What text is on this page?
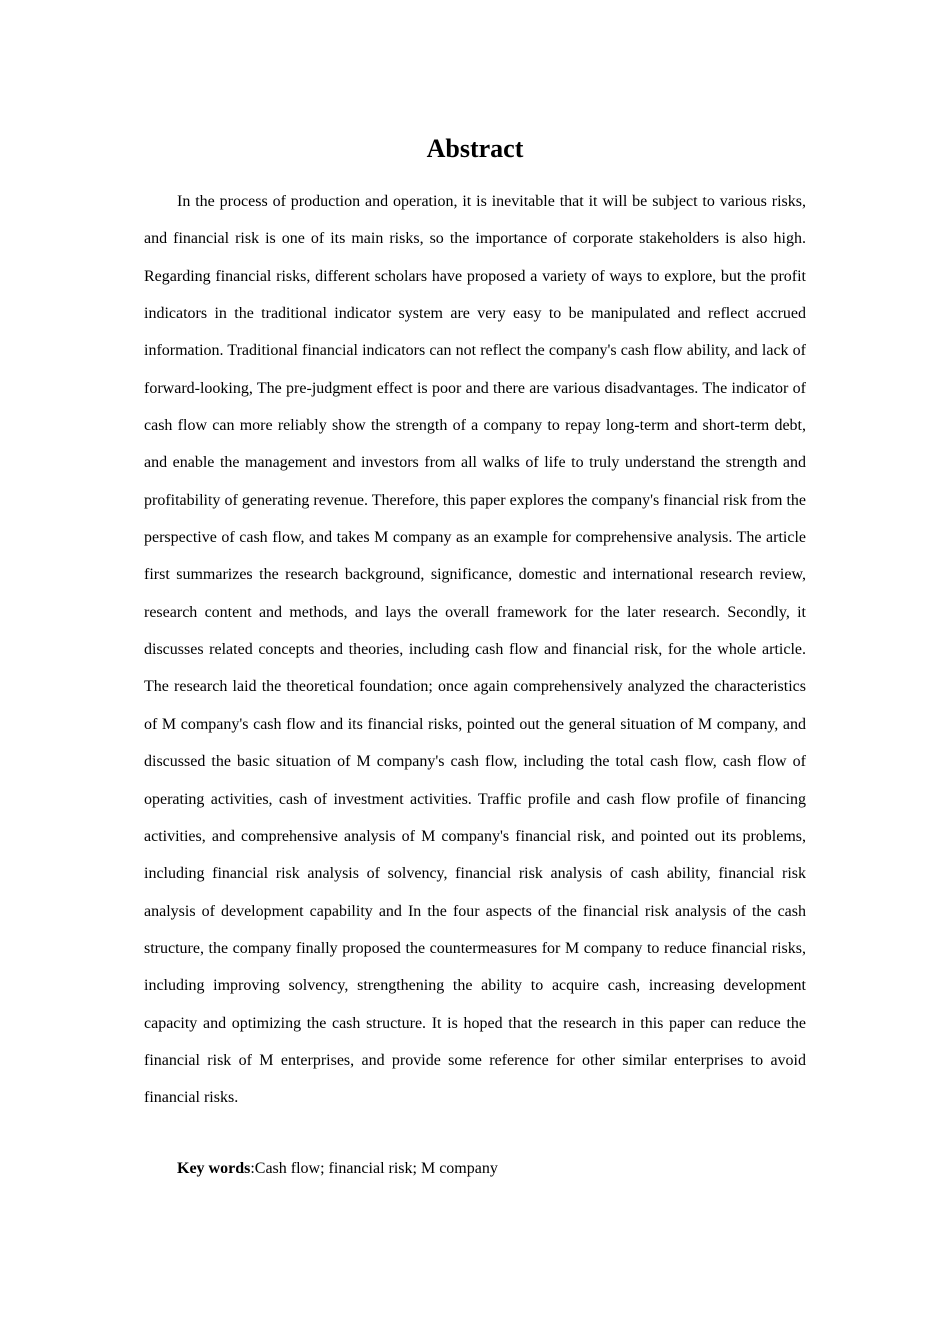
Abstract

In the process of production and operation, it is inevitable that it will be subject to various risks, and financial risk is one of its main risks, so the importance of corporate stakeholders is also high. Regarding financial risks, different scholars have proposed a variety of ways to explore, but the profit indicators in the traditional indicator system are very easy to be manipulated and reflect accrued information. Traditional financial indicators can not reflect the company's cash flow ability, and lack of forward-looking, The pre-judgment effect is poor and there are various disadvantages. The indicator of cash flow can more reliably show the strength of a company to repay long-term and short-term debt, and enable the management and investors from all walks of life to truly understand the strength and profitability of generating revenue. Therefore, this paper explores the company's financial risk from the perspective of cash flow, and takes M company as an example for comprehensive analysis. The article first summarizes the research background, significance, domestic and international research review, research content and methods, and lays the overall framework for the later research. Secondly, it discusses related concepts and theories, including cash flow and financial risk, for the whole article. The research laid the theoretical foundation; once again comprehensively analyzed the characteristics of M company's cash flow and its financial risks, pointed out the general situation of M company, and discussed the basic situation of M company's cash flow, including the total cash flow, cash flow of operating activities, cash of investment activities. Traffic profile and cash flow profile of financing activities, and comprehensive analysis of M company's financial risk, and pointed out its problems, including financial risk analysis of solvency, financial risk analysis of cash ability, financial risk analysis of development capability and In the four aspects of the financial risk analysis of the cash structure, the company finally proposed the countermeasures for M company to reduce financial risks, including improving solvency, strengthening the ability to acquire cash, increasing development capacity and optimizing the cash structure. It is hoped that the research in this paper can reduce the financial risk of M enterprises, and provide some reference for other similar enterprises to avoid financial risks.

Key words:Cash flow; financial risk; M company
